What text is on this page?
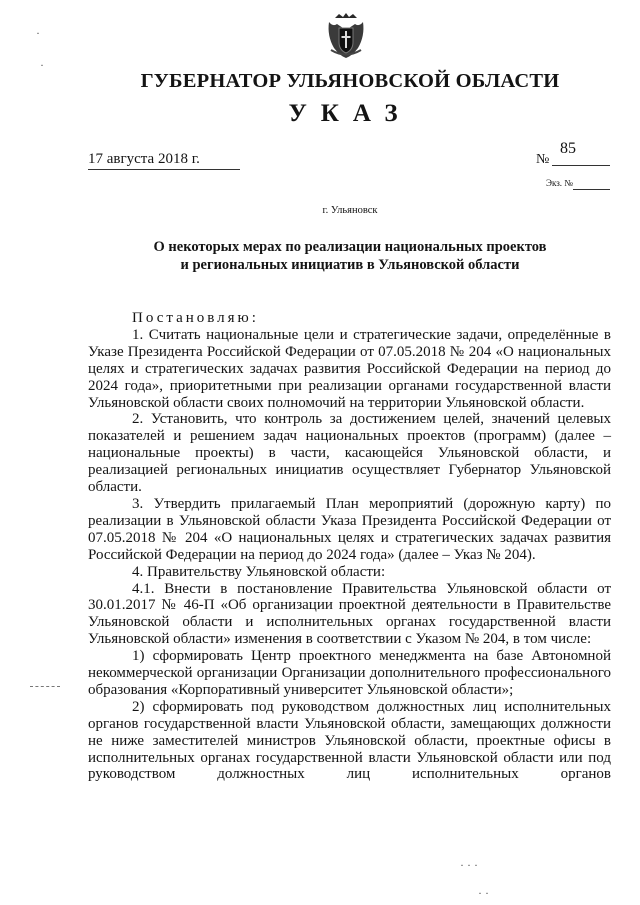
ГУБЕРНАТОР УЛЬЯНОВСКОЙ ОБЛАСТИ
УКАЗ
17 августа 2018 г.	№
85
Экз. №
г. Ульяновск
О некоторых мерах по реализации национальных проектов
и региональных инициатив в Ульяновской области

Постановляю:

1. Считать национальные цели и стратегические задачи, определённые в Указе Президента Российской Федерации от 07.05.2018 № 204 «О национальных целях и стратегических задачах развития Российской Федерации на период до 2024 года», приоритетными при реализации органами государственной власти Ульяновской области своих полномочий на территории Ульяновской области.

2. Установить, что контроль за достижением целей, значений целевых показателей и решением задач национальных проектов (программ) (далее – национальные проекты) в части, касающейся Ульяновской области, и реализацией региональных инициатив осуществляет Губернатор Ульяновской области.

3. Утвердить прилагаемый План мероприятий (дорожную карту) по реализации в Ульяновской области Указа Президента Российской Федерации от 07.05.2018 № 204 «О национальных целях и стратегических задачах развития Российской Федерации на период до 2024 года» (далее – Указ № 204).

4. Правительству Ульяновской области:

4.1. Внести в постановление Правительства Ульяновской области от 30.01.2017 № 46-П «Об организации проектной деятельности в Правительстве Ульяновской области и исполнительных органах государственной власти Ульяновской области» изменения в соответствии с Указом № 204, в том числе:

1) сформировать Центр проектного менеджмента на базе Автономной некоммерческой организации Организации дополнительного профессионального образования «Корпоративный университет Ульяновской области»;

2) сформировать под руководством должностных лиц исполнительных органов государственной власти Ульяновской области, замещающих должности не ниже заместителей министров Ульяновской области, проектные офисы в исполнительных органах государственной власти Ульяновской области или под руководством должностных лиц исполнительных органов

·
·
· · ·
· ·
